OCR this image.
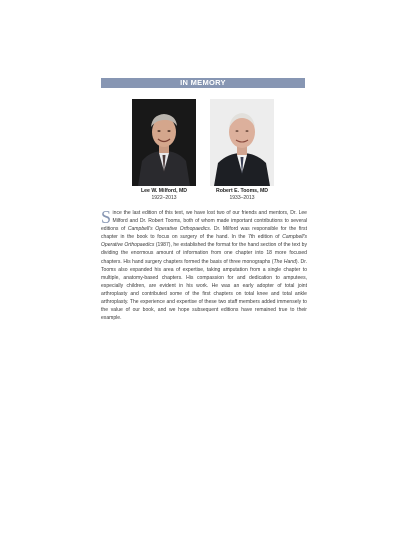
IN MEMORY
Lee W. Milford, MD
1922–2013
Robert E. Tooms, MD
1933–2013
Since the last edition of this text, we have lost two of our friends and mentors, Dr. Lee Milford and Dr. Robert Tooms, both of whom made important contributions to several editions of Campbell's Operative Orthopaedics. Dr. Milford was responsible for the first chapter in the book to focus on surgery of the hand. In the 7th edition of Campbell's Operative Orthopaedics (1987), he established the format for the hand section of the text by dividing the enormous amount of information from one chapter into 18 more focused chapters. His hand surgery chapters formed the basis of three monographs (The Hand). Dr. Tooms also expanded his area of expertise, taking amputation from a single chapter to multiple, anatomy-based chapters. His compassion for and dedication to amputees, especially children, are evident in his work. He was an early adopter of total joint arthroplasty and contributed some of the first chapters on total knee and total ankle arthroplasty. The experience and expertise of these two staff members added immensely to the value of our book, and we hope subsequent editions have remained true to their example.
